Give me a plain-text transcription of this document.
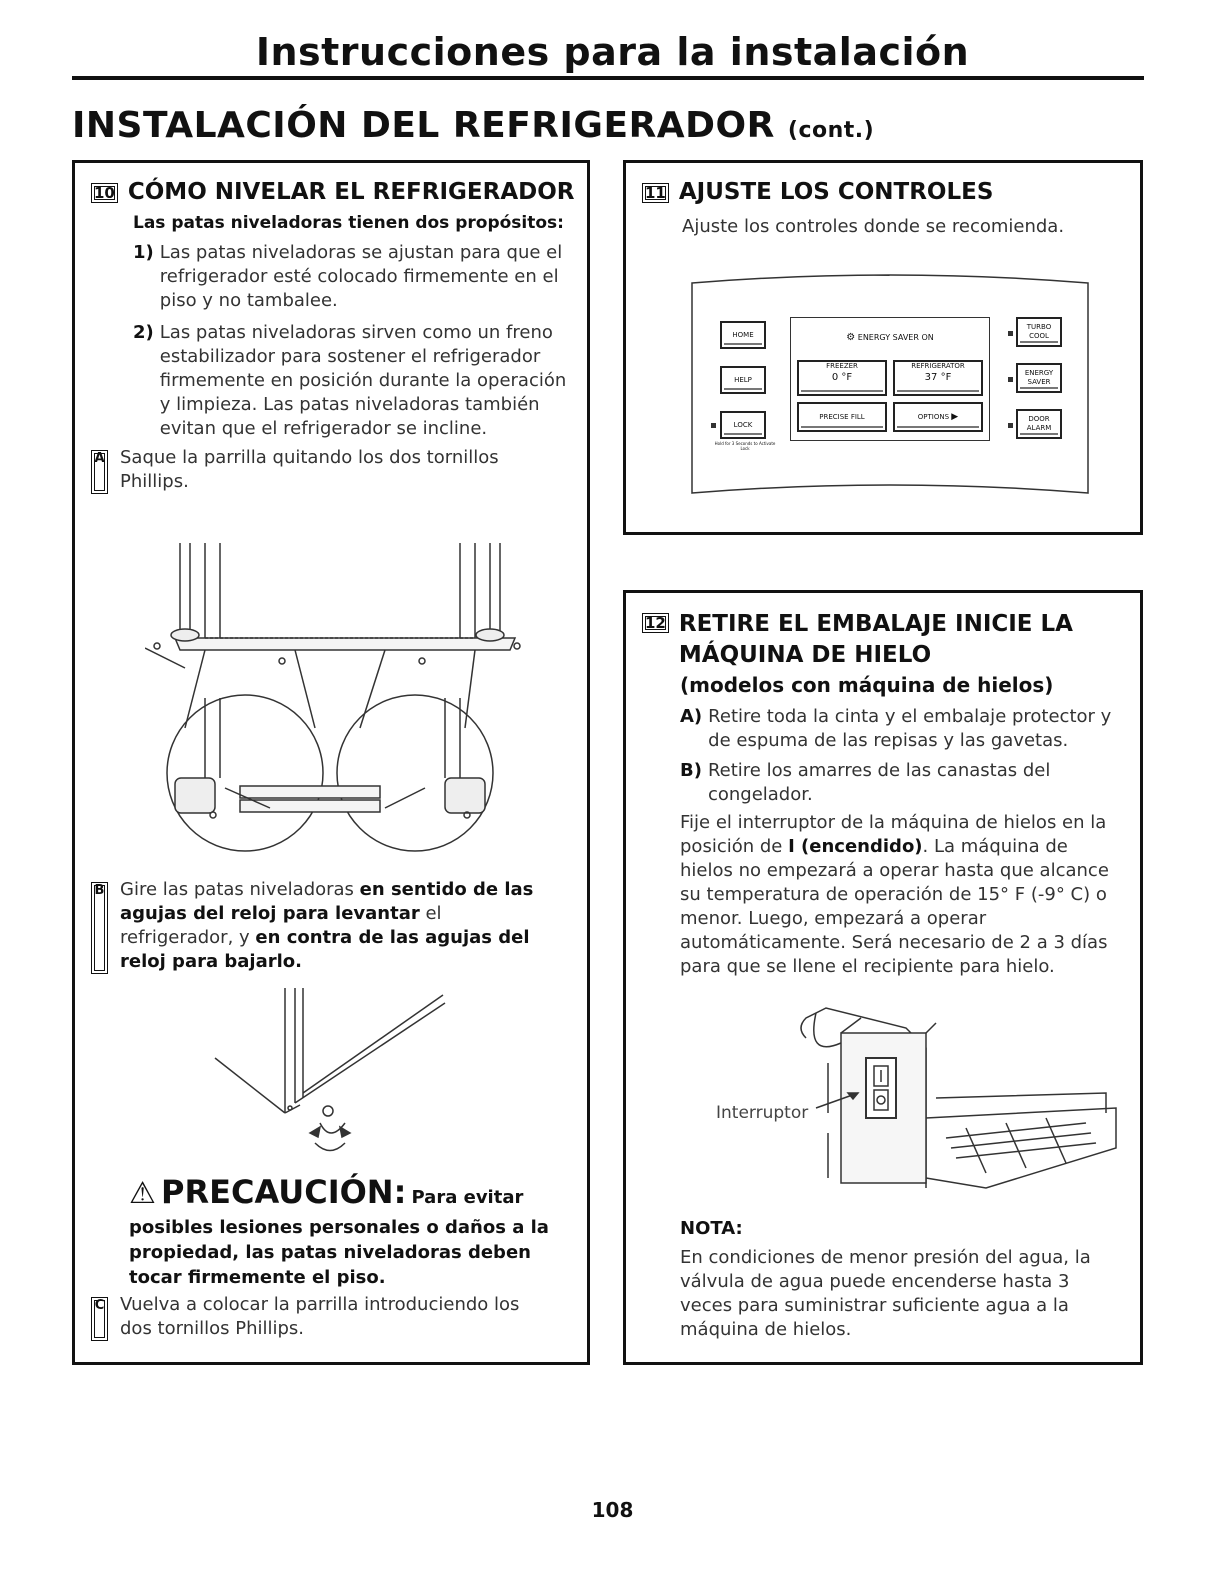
Instrucciones para la instalación
INSTALACIÓN DEL REFRIGERADOR (cont.)
10 CÓMO NIVELAR EL REFRIGERADOR
Las patas niveladoras tienen dos propósitos:
1) Las patas niveladoras se ajustan para que el refrigerador esté colocado firmemente en el piso y no tambalee.
2) Las patas niveladoras sirven como un freno estabilizador para sostener el refrigerador firmemente en posición durante la operación y limpieza. Las patas niveladoras también evitan que el refrigerador se incline.
A Saque la parrilla quitando los dos tornillos Phillips.
B Gire las patas niveladoras en sentido de las agujas del reloj para levantar el refrigerador, y en contra de las agujas del reloj para bajarlo.
⚠ PRECAUCIÓN: Para evitar
posibles lesiones personales o daños a la propiedad, las patas niveladoras deben tocar firmemente el piso.
C Vuelva a colocar la parrilla introduciendo los dos tornillos Phillips.
11 AJUSTE LOS CONTROLES
Ajuste los controles donde se recomienda.
HOME
HELP
LOCK
Hold for 3 Seconds to Activate Lock
⚙ ENERGY SAVER ON
FREEZER
0 °F
REFRIGERATOR
37 °F
PRECISE FILL	OPTIONS ▶
TURBO COOL
ENERGY SAVER
DOOR ALARM
12 RETIRE EL EMBALAJE INICIE LA MÁQUINA DE HIELO
(modelos con máquina de hielos)
A) Retire toda la cinta y el embalaje protector y de espuma de las repisas y las gavetas.
B) Retire los amarres de las canastas del congelador.
Fije el interruptor de la máquina de hielos en la posición de I (encendido). La máquina de hielos no empezará a operar hasta que alcance su temperatura de operación de 15° F (-9° C) o menor. Luego, empezará a operar automáticamente. Será necesario de 2 a 3 días para que se llene el recipiente para hielo.
Interruptor
NOTA:
En condiciones de menor presión del agua, la válvula de agua puede encenderse hasta 3 veces para suministrar suficiente agua a la máquina de hielos.
108
